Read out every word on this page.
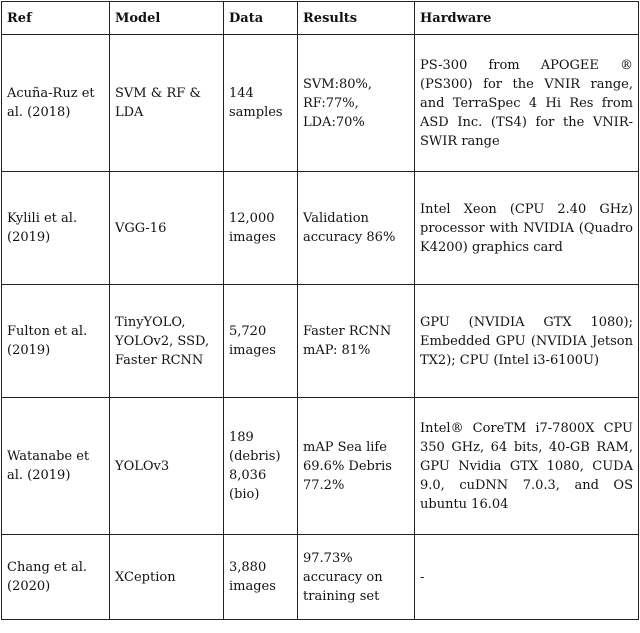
Ref	Model	Data	Results	Hardware
Acuña-Ruz et al. (2018)	SVM & RF & LDA	144 samples	SVM:80%, RF:77%, LDA:70%	PS-300 from APOGEE ® (PS300) for the VNIR range, and TerraSpec 4 Hi Res from ASD Inc. (TS4) for the VNIR-SWIR range
Kylili et al. (2019)	VGG-16	12,000 images	Validation accuracy 86%	Intel Xeon (CPU 2.40 GHz) processor with NVIDIA (Quadro K4200) graphics card
Fulton et al. (2019)	TinyYOLO, YOLOv2, SSD, Faster RCNN	5,720 images	Faster RCNN mAP: 81%	GPU (NVIDIA GTX 1080); Embedded GPU (NVIDIA Jetson TX2); CPU (Intel i3-6100U)
Watanabe et al. (2019)	YOLOv3	189 (debris) 8,036 (bio)	mAP Sea life 69.6% Debris 77.2%	Intel® CoreTM i7-7800X CPU 350 GHz, 64 bits, 40-GB RAM, GPU Nvidia GTX 1080, CUDA 9.0, cuDNN 7.0.3, and OS ubuntu 16.04
Chang et al. (2020)	XCeption	3,880 images	97.73% accuracy on training set	-
